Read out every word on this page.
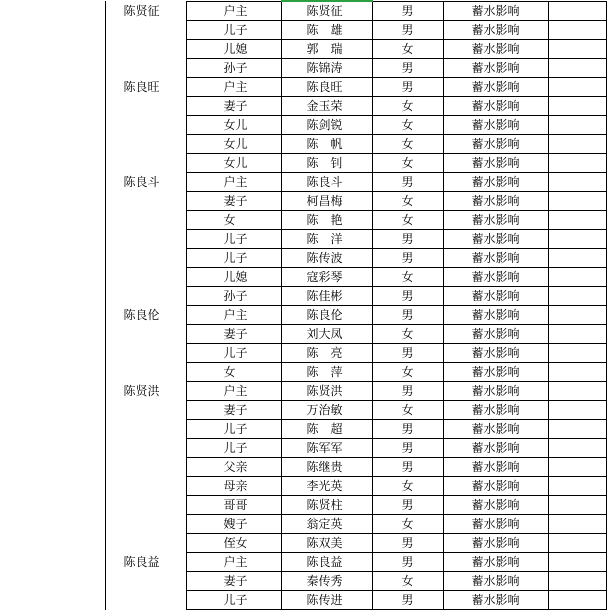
	陈贤征	户主	陈贤征	男	蓄水影响	
		儿子	陈　雄	男	蓄水影响	
		儿媳	郭　瑞	女	蓄水影响	
		孙子	陈锦涛	男	蓄水影响	
	陈良旺	户主	陈良旺	男	蓄水影响	
		妻子	金玉荣	女	蓄水影响	
		女儿	陈剑锐	女	蓄水影响	
		女儿	陈　帆	女	蓄水影响	
		女儿	陈　钊	女	蓄水影响	
	陈良斗	户主	陈良斗	男	蓄水影响	
		妻子	柯昌梅	女	蓄水影响	
		女	陈　艳	女	蓄水影响	
		儿子	陈　洋	男	蓄水影响	
		儿子	陈传波	男	蓄水影响	
		儿媳	寇彩琴	女	蓄水影响	
		孙子	陈佳彬	男	蓄水影响	
	陈良伦	户主	陈良伦	男	蓄水影响	
		妻子	刘大凤	女	蓄水影响	
		儿子	陈　亮	男	蓄水影响	
		女	陈　萍	女	蓄水影响	
	陈贤洪	户主	陈贤洪	男	蓄水影响	
		妻子	万治敏	女	蓄水影响	
		儿子	陈　超	男	蓄水影响	
		儿子	陈军军	男	蓄水影响	
		父亲	陈继贵	男	蓄水影响	
		母亲	李光英	女	蓄水影响	
		哥哥	陈贤柱	男	蓄水影响	
		嫂子	翁定英	女	蓄水影响	
		侄女	陈双美	男	蓄水影响	
	陈良益	户主	陈良益	男	蓄水影响	
		妻子	秦传秀	女	蓄水影响	
		儿子	陈传进	男	蓄水影响	
